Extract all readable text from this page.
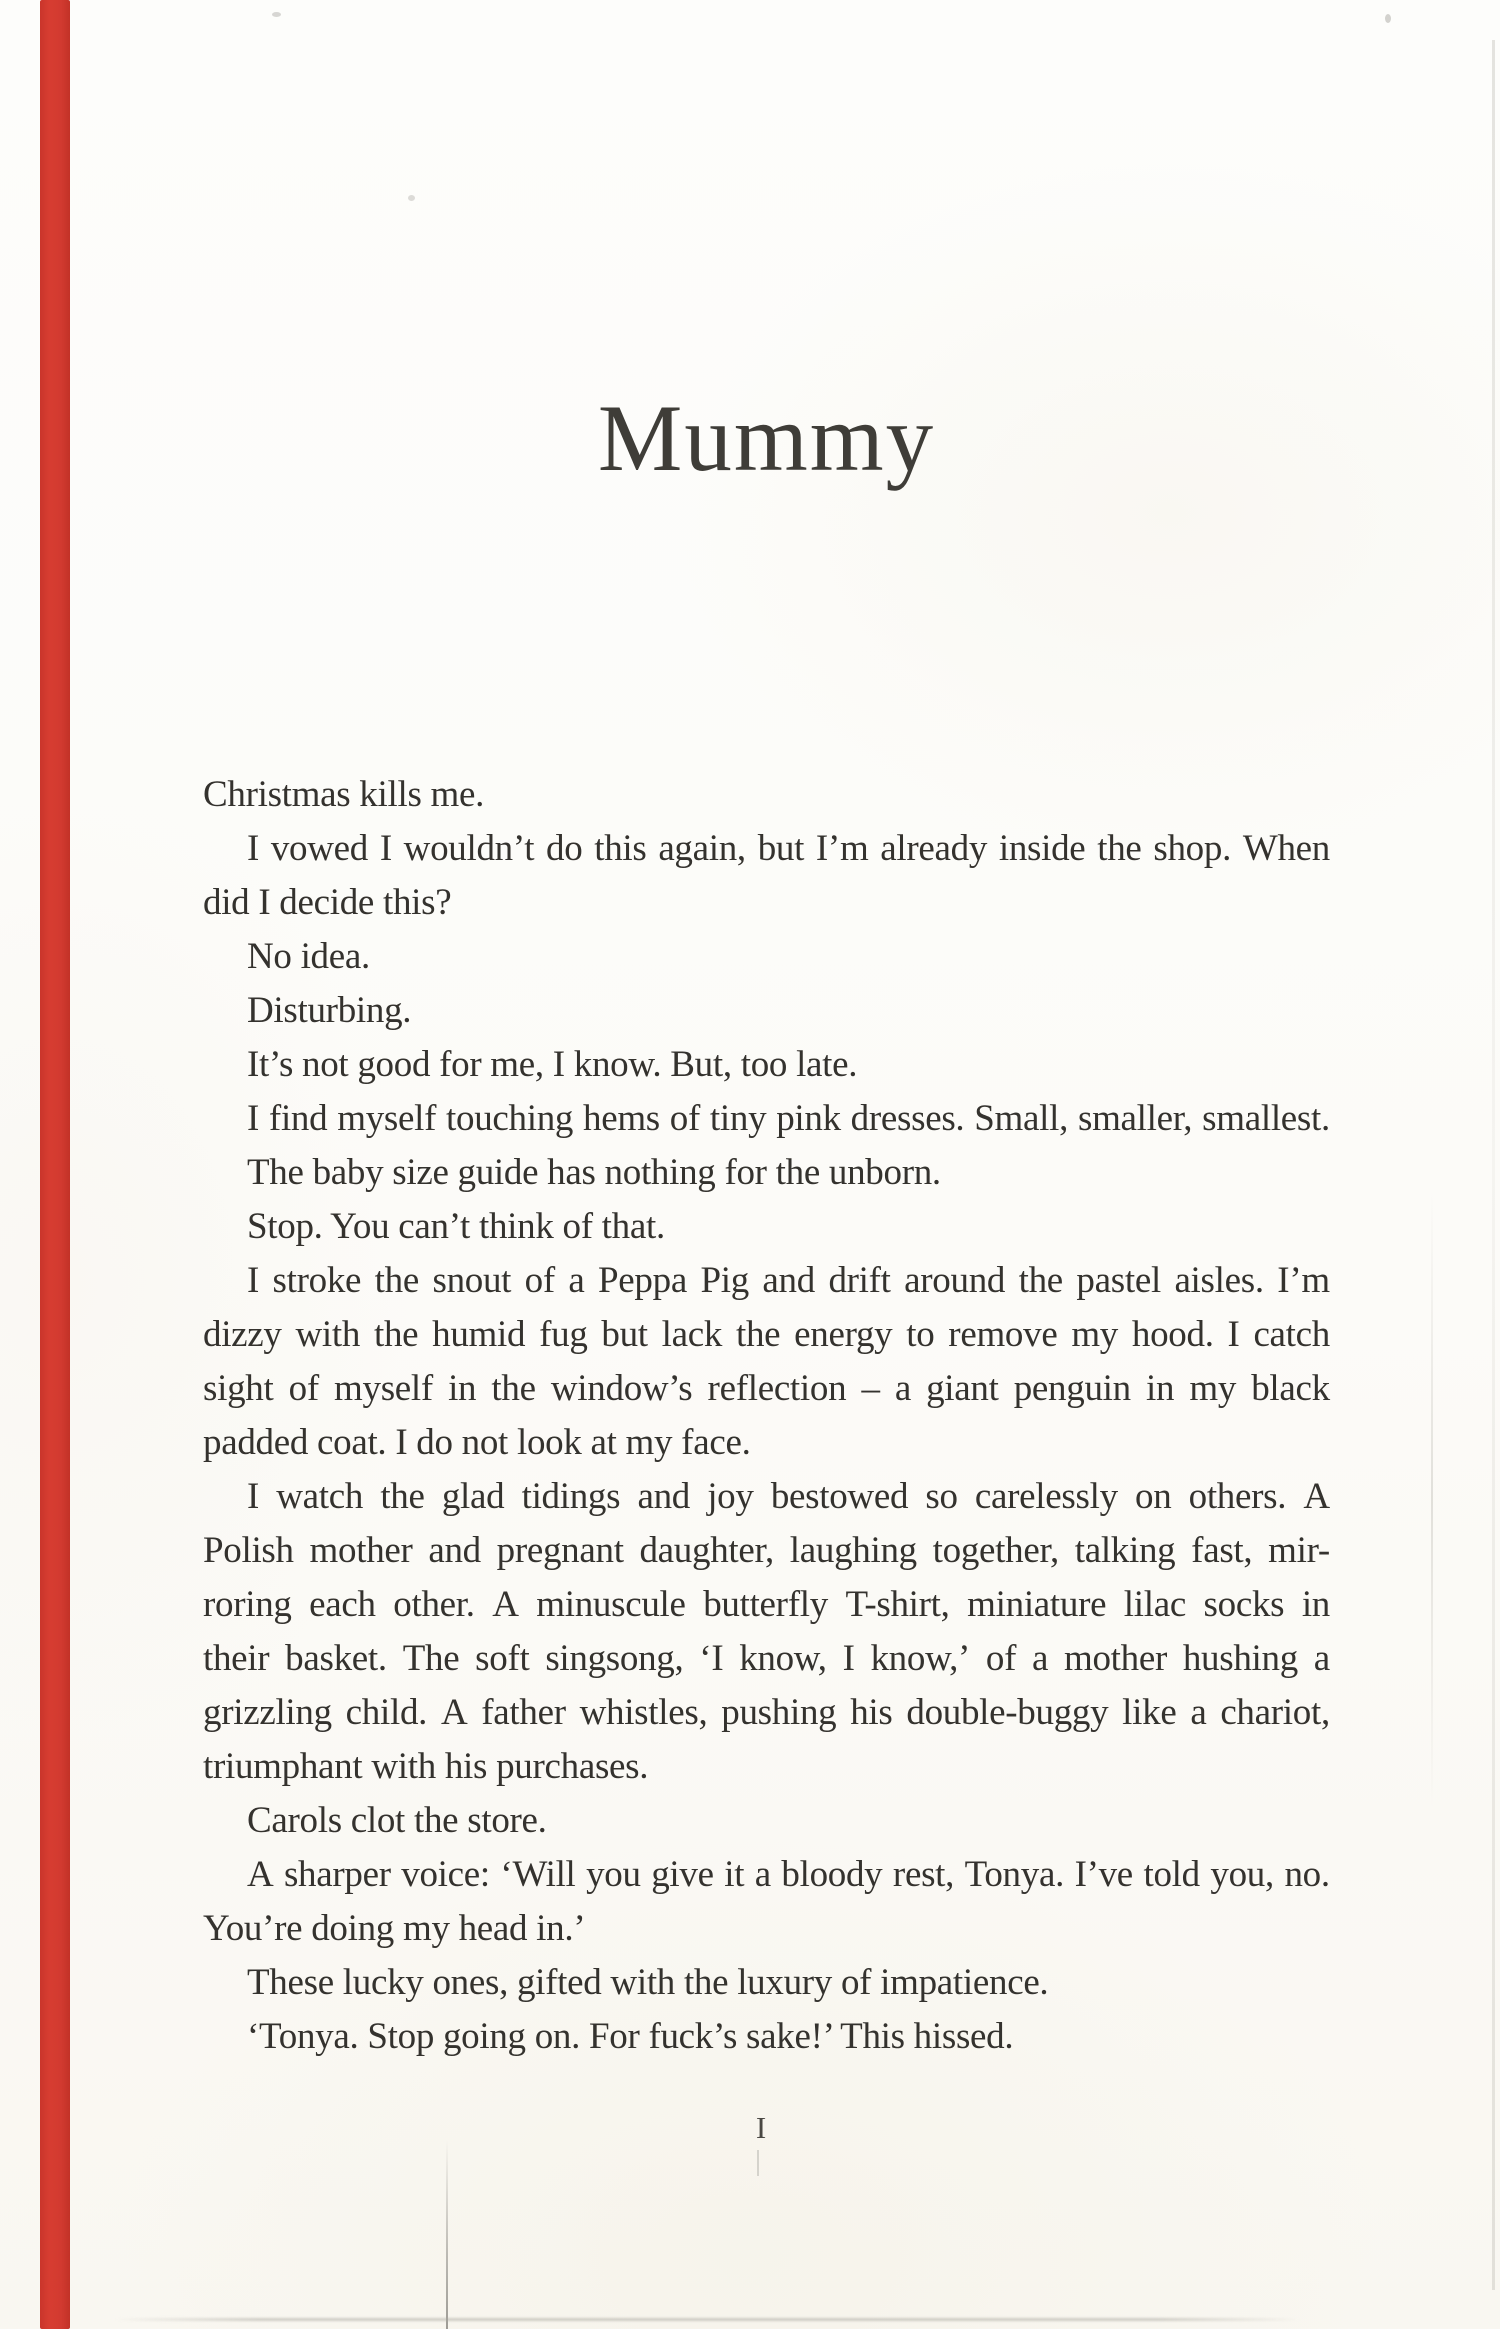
Mummy
Christmas kills me.
I vowed I wouldn’t do this again, but I’m already inside the shop. When
did I decide this?
No idea.
Disturbing.
It’s not good for me, I know. But, too late.
I find myself touching hems of tiny pink dresses. Small, smaller, smallest.
The baby size guide has nothing for the unborn.
Stop. You can’t think of that.
I stroke the snout of a Peppa Pig and drift around the pastel aisles. I’m
dizzy with the humid fug but lack the energy to remove my hood. I catch
sight of myself in the window’s reflection – a giant penguin in my black
padded coat. I do not look at my face.
I watch the glad tidings and joy bestowed so carelessly on others. A
Polish mother and pregnant daughter, laughing together, talking fast, mir-
roring each other. A minuscule butterfly T-shirt, miniature lilac socks in
their basket. The soft singsong, ‘I know, I know,’ of a mother hushing a
grizzling child. A father whistles, pushing his double-buggy like a chariot,
triumphant with his purchases.
Carols clot the store.
A sharper voice: ‘Will you give it a bloody rest, Tonya. I’ve told you, no.
You’re doing my head in.’
These lucky ones, gifted with the luxury of impatience.
‘Tonya. Stop going on. For fuck’s sake!’ This hissed.
I
